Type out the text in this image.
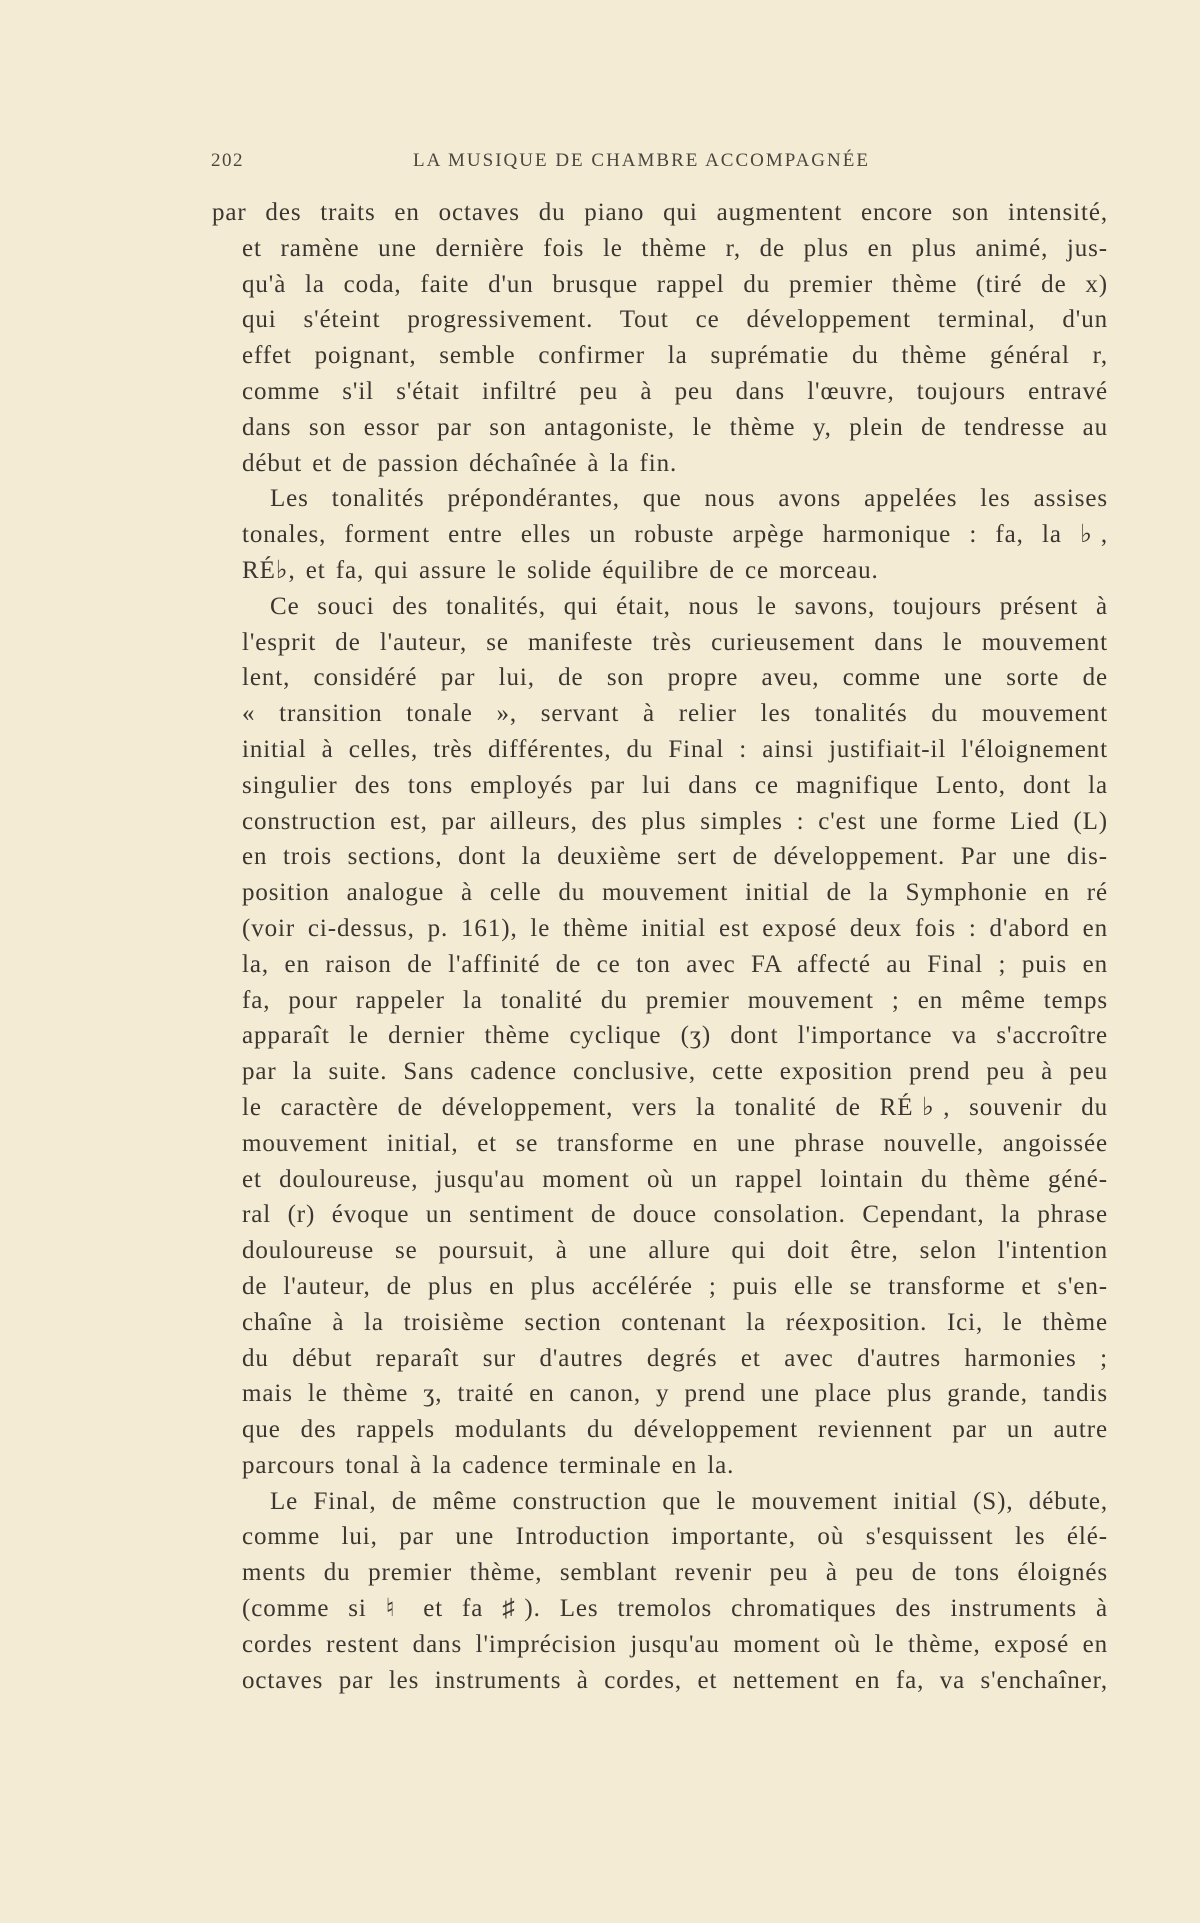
202	LA MUSIQUE DE CHAMBRE ACCOMPAGNÉE

par des traits en octaves du piano qui augmentent encore son intensité,
et ramène une dernière fois le thème r, de plus en plus animé, jus-
qu'à la coda, faite d'un brusque rappel du premier thème (tiré de x)
qui s'éteint progressivement. Tout ce développement terminal, d'un
effet poignant, semble confirmer la suprématie du thème général r,
comme s'il s'était infiltré peu à peu dans l'œuvre, toujours entravé
dans son essor par son antagoniste, le thème y, plein de tendresse au
début et de passion déchaînée à la fin.

Les tonalités prépondérantes, que nous avons appelées les assises
tonales, forment entre elles un robuste arpège harmonique : fa, la ♭,
RÉ♭, et fa, qui assure le solide équilibre de ce morceau.

Ce souci des tonalités, qui était, nous le savons, toujours présent à
l'esprit de l'auteur, se manifeste très curieusement dans le mouvement
lent, considéré par lui, de son propre aveu, comme une sorte de
« transition tonale », servant à relier les tonalités du mouvement
initial à celles, très différentes, du Final : ainsi justifiait-il l'éloignement
singulier des tons employés par lui dans ce magnifique Lento, dont la
construction est, par ailleurs, des plus simples : c'est une forme Lied (L)
en trois sections, dont la deuxième sert de développement. Par une dis-
position analogue à celle du mouvement initial de la Symphonie en ré
(voir ci-dessus, p. 161), le thème initial est exposé deux fois : d'abord en
la, en raison de l'affinité de ce ton avec FA affecté au Final ; puis en
fa, pour rappeler la tonalité du premier mouvement ; en même temps
apparaît le dernier thème cyclique (ʒ) dont l'importance va s'accroître
par la suite. Sans cadence conclusive, cette exposition prend peu à peu
le caractère de développement, vers la tonalité de RÉ♭, souvenir du
mouvement initial, et se transforme en une phrase nouvelle, angoissée
et douloureuse, jusqu'au moment où un rappel lointain du thème géné-
ral (r) évoque un sentiment de douce consolation. Cependant, la phrase
douloureuse se poursuit, à une allure qui doit être, selon l'intention
de l'auteur, de plus en plus accélérée ; puis elle se transforme et s'en-
chaîne à la troisième section contenant la réexposition. Ici, le thème
du début reparaît sur d'autres degrés et avec d'autres harmonies ;
mais le thème ʒ, traité en canon, y prend une place plus grande, tandis
que des rappels modulants du développement reviennent par un autre
parcours tonal à la cadence terminale en la.

Le Final, de même construction que le mouvement initial (S), débute,
comme lui, par une Introduction importante, où s'esquissent les élé-
ments du premier thème, semblant revenir peu à peu de tons éloignés
(comme si ♮ et fa ♯). Les tremolos chromatiques des instruments à
cordes restent dans l'imprécision jusqu'au moment où le thème, exposé en
octaves par les instruments à cordes, et nettement en fa, va s'enchaîner,
